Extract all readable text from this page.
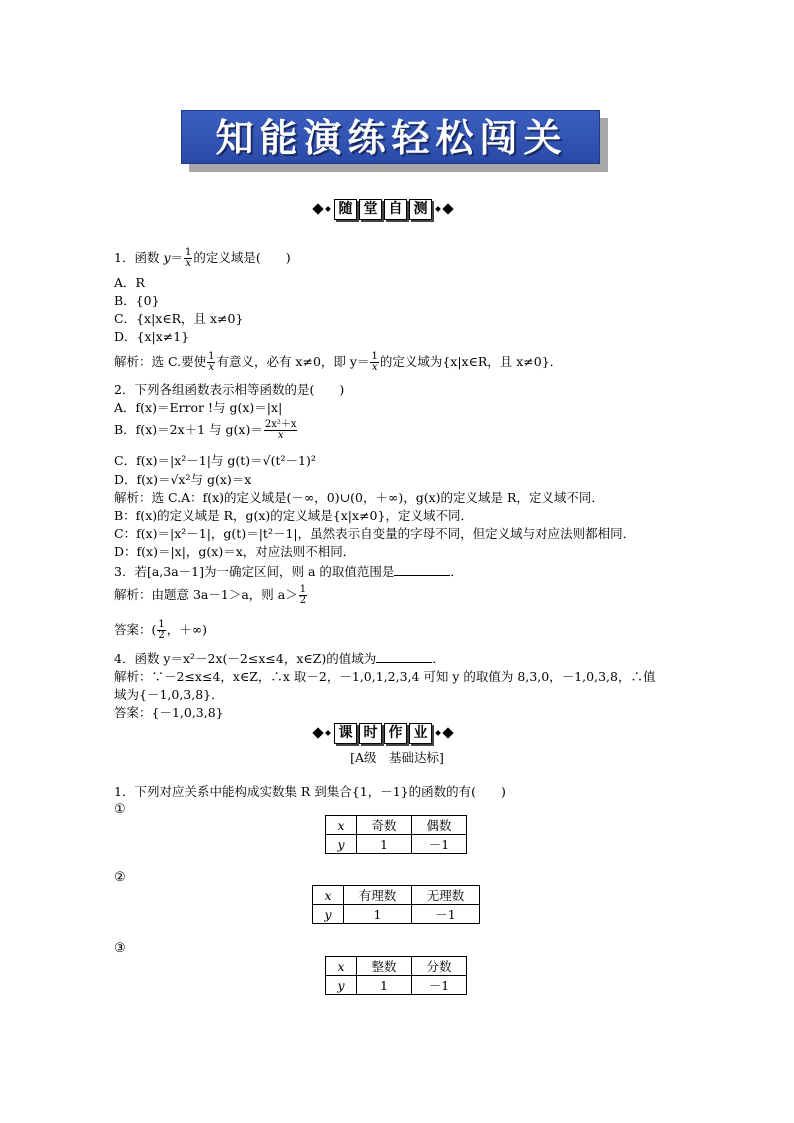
知能演练轻松闯关
随 堂 自 测
1．函数 $y= \frac{1}{x}$ 的定义域是(　　)
A．R
B．{0}
C．{x|x∈R，且 x≠0}
D．{x|x≠1}
解析：选 C.要使 $\frac{1}{x}$ 有意义，必有 x≠0，即 $y= \frac{1}{x}$ 的定义域为{x|x∈R，且 x≠0}．
2．下列各组函数表示相等函数的是(　　)
A．f(x)＝Error !与 g(x)＝|x|
B．f(x)＝2x＋1 与 $g(x)= \frac{\text{2x²＋x}}{x}$
C．f(x)＝|x²－1|与 g(t)＝√(t²－1)²
D．f(x)＝√x²与 g(x)＝x
解析：选 C.A：f(x)的定义域是(－∞，0)∪(0，＋∞)，g(x)的定义域是 R，定义域不同．
B：f(x)的定义域是 R，g(x)的定义域是{x|x≠0}，定义域不同．
C：f(x)＝|x²－1|，g(t)＝|t²－1|，虽然表示自变量的字母不同，但定义域与对应法则都相同．
D：f(x)＝|x|，g(x)＝x，对应法则不相同．
3．若[a,3a－1]为一确定区间，则 a 的取值范围是	．
解析：由题意 3a－1＞a，则 $a> \frac{1}{2}$
答案：( $\frac{1}{2}$ ，＋∞)
4．函数 y＝x²－2x(－2≤x≤4，x∈Z)的值域为	．
解析：∵－2≤x≤4，x∈Z，∴x 取－2，－1,0,1,2,3,4 可知 y 的取值为 8,3,0，－1,0,3,8，∴值
域为{－1,0,3,8}．
答案：{－1,0,3,8}
课 时 作 业
[A级　基础达标]
1．下列对应关系中能构成实数集 R 到集合{1，－1}的函数的有(　　)
①
x	奇数	偶数
y	1	－1
②
x	有理数	无理数
y	1	－1
③
x	整数	分数
y	1	－1
